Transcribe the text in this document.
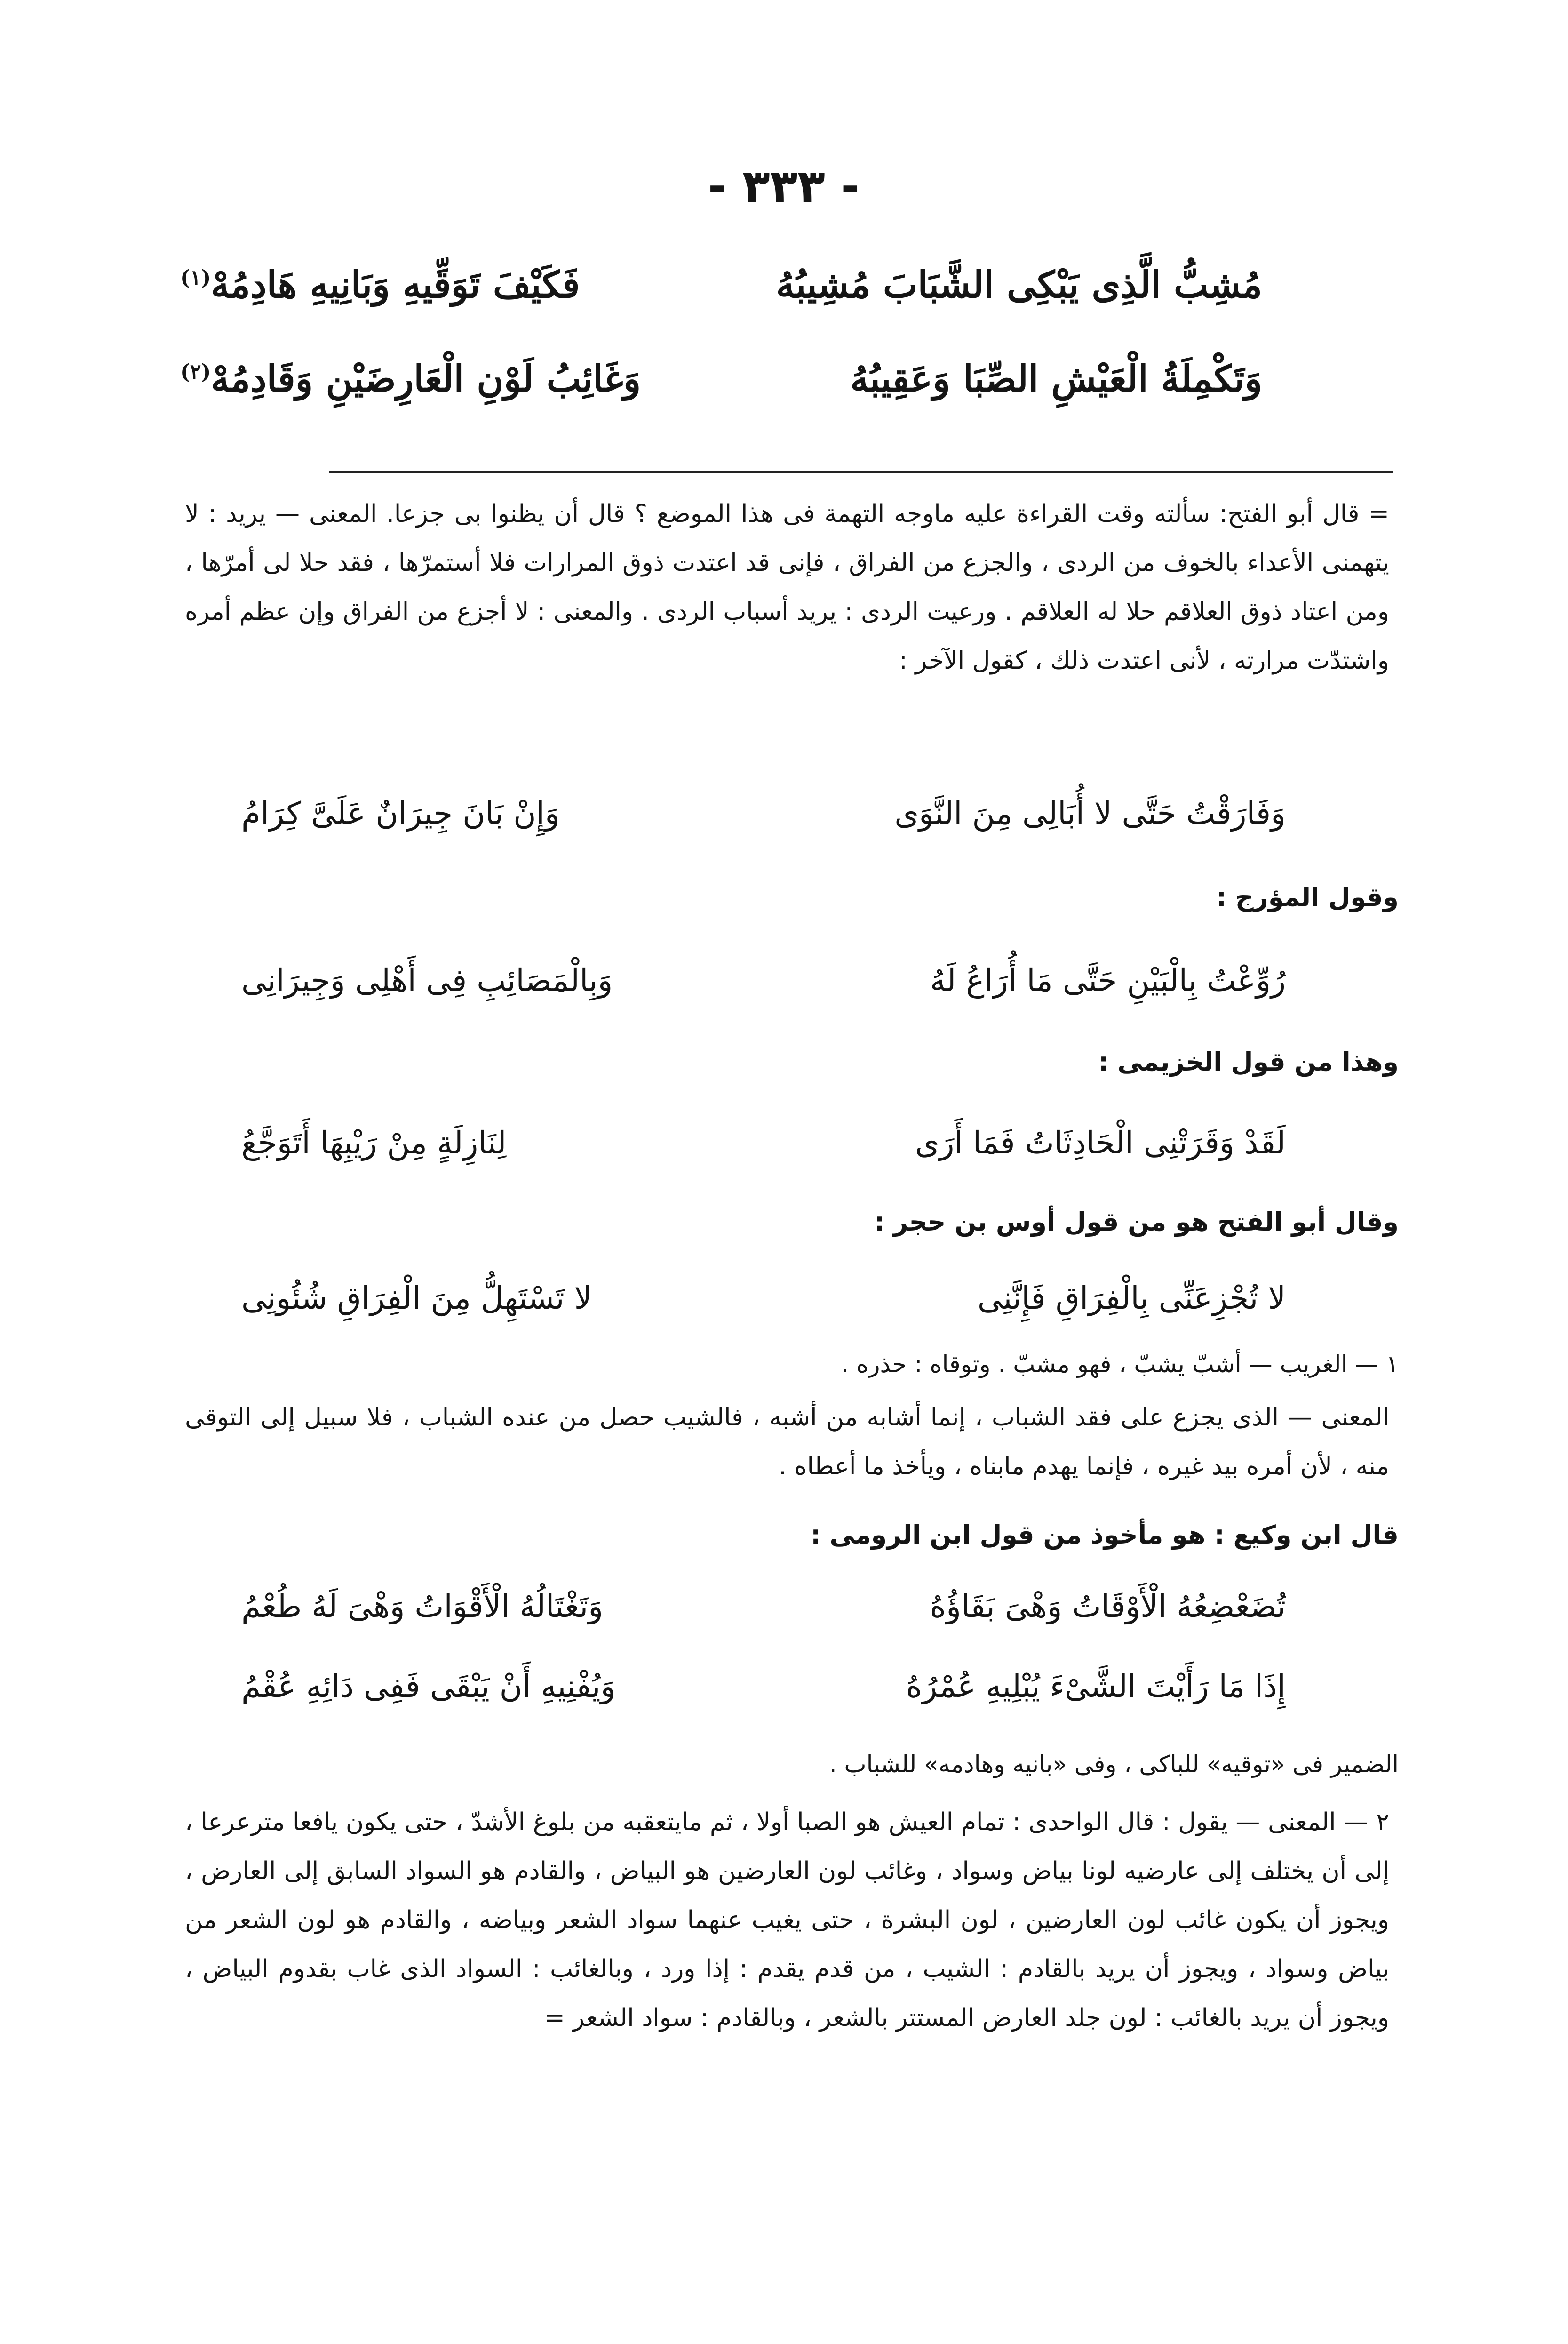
- ٣٣٣ -
مُشِبُّ الَّذِى يَبْكِى الشَّبَابَ مُشِيبُهُ
فَكَيْفَ تَوَقِّيهِ وَبَانِيهِ هَادِمُهْ$^{(١)}$
وَتَكْمِلَةُ الْعَيْشِ الصِّبَا وَعَقِيبُهُ
وَغَائِبُ لَوْنِ الْعَارِضَيْنِ وَقَادِمُهْ$^{(٢)}$
= قال أبو الفتح: سألته وقت القراءة عليه ماوجه التهمة فى هذا الموضع ؟ قال أن يظنوا بى جزعا. المعنى — يريد : لا يتهمنى الأعداء بالخوف من الردى ، والجزع من الفراق ، فإنى قد اعتدت ذوق المرارات فلا أستمرّها ، فقد حلا لى أمرّها ، ومن اعتاد ذوق العلاقم حلا له العلاقم . ورعيت الردى : يريد أسباب الردى . والمعنى : لا أجزع من الفراق وإن عظم أمره واشتدّت مرارته ، لأنى اعتدت ذلك ، كقول الآخر :
وَفَارَقْتُ حَتَّى لا أُبَالِى مِنَ النَّوَى
وَإِنْ بَانَ جِيرَانٌ عَلَىَّ كِرَامُ
وقول المؤرج :
رُوِّعْتُ بِالْبَيْنِ حَتَّى مَا أُرَاعُ لَهُ
وَبِالْمَصَائِبِ فِى أَهْلِى وَجِيرَانِى
وهذا من قول الخزيمى :
لَقَدْ وَقَرَتْنِى الْحَادِثَاتُ فَمَا أَرَى
لِنَازِلَةٍ مِنْ رَيْبِهَا أَتَوَجَّعُ
وقال أبو الفتح هو من قول أوس بن حجر :
لا تُجْزِعَنِّى بِالْفِرَاقِ فَإِنَّنِى
لا تَسْتَهِلُّ مِنَ الْفِرَاقِ شُئُونِى
١ — الغريب — أشبّ يشبّ ، فهو مشبّ . وتوقاه : حذره .
المعنى — الذى يجزع على فقد الشباب ، إنما أشابه من أشبه ، فالشيب حصل من عنده الشباب ، فلا سبيل إلى التوقى منه ، لأن أمره بيد غيره ، فإنما يهدم مابناه ، ويأخذ ما أعطاه .
قال ابن وكيع : هو مأخوذ من قول ابن الرومى :
تُضَعْضِعُهُ الْأَوْقَاتُ وَهْىَ بَقَاؤُهُ
وَتَغْتَالُهُ الْأَقْوَاتُ وَهْىَ لَهُ طُعْمُ
إِذَا مَا رَأَيْتَ الشَّىْءَ يُبْلِيهِ عُمْرُهُ
وَيُفْنِيهِ أَنْ يَبْقَى فَفِى دَائِهِ عُقْمُ
الضمير فى «توقيه» للباكى ، وفى «بانيه وهادمه» للشباب .
٢ — المعنى — يقول : قال الواحدى : تمام العيش هو الصبا أولا ، ثم مايتعقبه من بلوغ الأشدّ ، حتى يكون يافعا مترعرعا ، إلى أن يختلف إلى عارضيه لونا بياض وسواد ، وغائب لون العارضين هو البياض ، والقادم هو السواد السابق إلى العارض ، ويجوز أن يكون غائب لون العارضين ، لون البشرة ، حتى يغيب عنهما سواد الشعر وبياضه ، والقادم هو لون الشعر من بياض وسواد ، ويجوز أن يريد بالقادم : الشيب ، من قدم يقدم : إذا ورد ، وبالغائب : السواد الذى غاب بقدوم البياض ، ويجوز أن يريد بالغائب : لون جلد العارض المستتر بالشعر ، وبالقادم : سواد الشعر =
